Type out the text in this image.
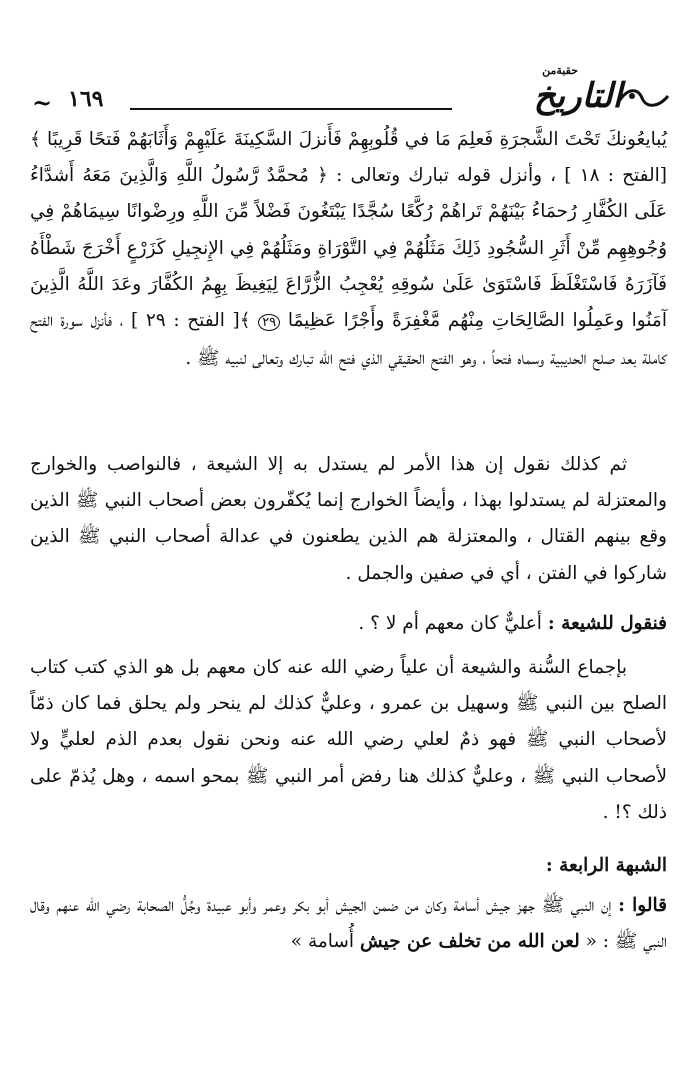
~ ١٦٩
حقبةمن
التاريخ
يُبايعُونكَ تَحْتَ الشَّجرَةِ فَعلِمَ مَا في قُلُوبِهِمْ فَأَنزلَ السَّكِينَةَ عَلَيْهِمْ وَأَثَابَهُمْ فَتحًا قَرِيبًا ﴾ [الفتح : ١٨ ] ، وأنزل قوله تبارك وتعالى : ﴿ مُحمَّدٌ رَّسُولُ اللَّهِ وَالَّذِينَ مَعَهُ أَشدَّاءُ عَلَى الكُفَّارِ رُحمَاءُ بَيْنَهُمْ تَراهُمْ رُكَّعًا سُجَّدًا يَبْتَغُونَ فَضْلاً مِّنَ اللَّهِ ورِضْوانًا سِيمَاهُمْ فِي وُجُوهِهِم مِّنْ أَثَرِ السُّجُودِ ذَلِكَ مَثَلُهُمْ فِي التَّوْرَاةِ ومَثَلُهُمْ فِي الإِنجِيلِ كَزَرْعٍ أَخْرَجَ شَطْأَهُ فَآزَرَهُ فَاسْتَغْلَظَ فَاسْتَوَىٰ عَلَىٰ سُوقِهِ يُعْجِبُ الزُّرَّاعَ لِيَغِيظَ بِهِمُ الكُفَّارَ وعَدَ اللَّهُ الَّذِينَ آمَنُوا وعَمِلُوا الصَّالِحَاتِ مِنْهُم مَّغْفِرَةً وأَجْرًا عَظِيمًا ٢٩ ﴾[ الفتح : ٢٩ ] ، فأنزل سورة الفتح كاملة بعد صلح الحديبية وسماه فتحاً ، وهو الفتح الحقيقي الذي فتح الله تبارك وتعالى لنبيه ﷺ .
ثم كذلك نقول إن هذا الأمر لم يستدل به إلا الشيعة ، فالنواصب والخوارج والمعتزلة لم يستدلوا بهذا ، وأيضاً الخوارج إنما يُكفّرون بعض أصحاب النبي ﷺ الذين وقع بينهم القتال ، والمعتزلة هم الذين يطعنون في عدالة أصحاب النبي ﷺ الذين شاركوا في الفتن ، أي في صفين والجمل .
فنقول للشيعة : أعليٌّ كان معهم أم لا ؟ .
بإجماع السُّنة والشيعة أن علياً رضي الله عنه كان معهم بل هو الذي كتب كتاب الصلح بين النبي ﷺ وسهيل بن عمرو ، وعليٌّ كذلك لم ينحر ولم يحلق فما كان ذمّاً لأصحاب النبي ﷺ فهو ذمٌ لعلي رضي الله عنه ونحن نقول بعدم الذم لعليٍّ ولا لأصحاب النبي ﷺ ، وعليٌّ كذلك هنا رفض أمر النبي ﷺ بمحو اسمه ، وهل يُذمّ على ذلك ؟! .
الشبهة الرابعة :
قالوا : إن النبي ﷺ جهز جيش أسامة وكان من ضمن الجيش أبو بكر وعمر وأبو عبيدة وجُلُّ الصحابة رضي الله عنهم وقال النبي ﷺ : « لعن الله من تخلف عن جيش أُسامة »
